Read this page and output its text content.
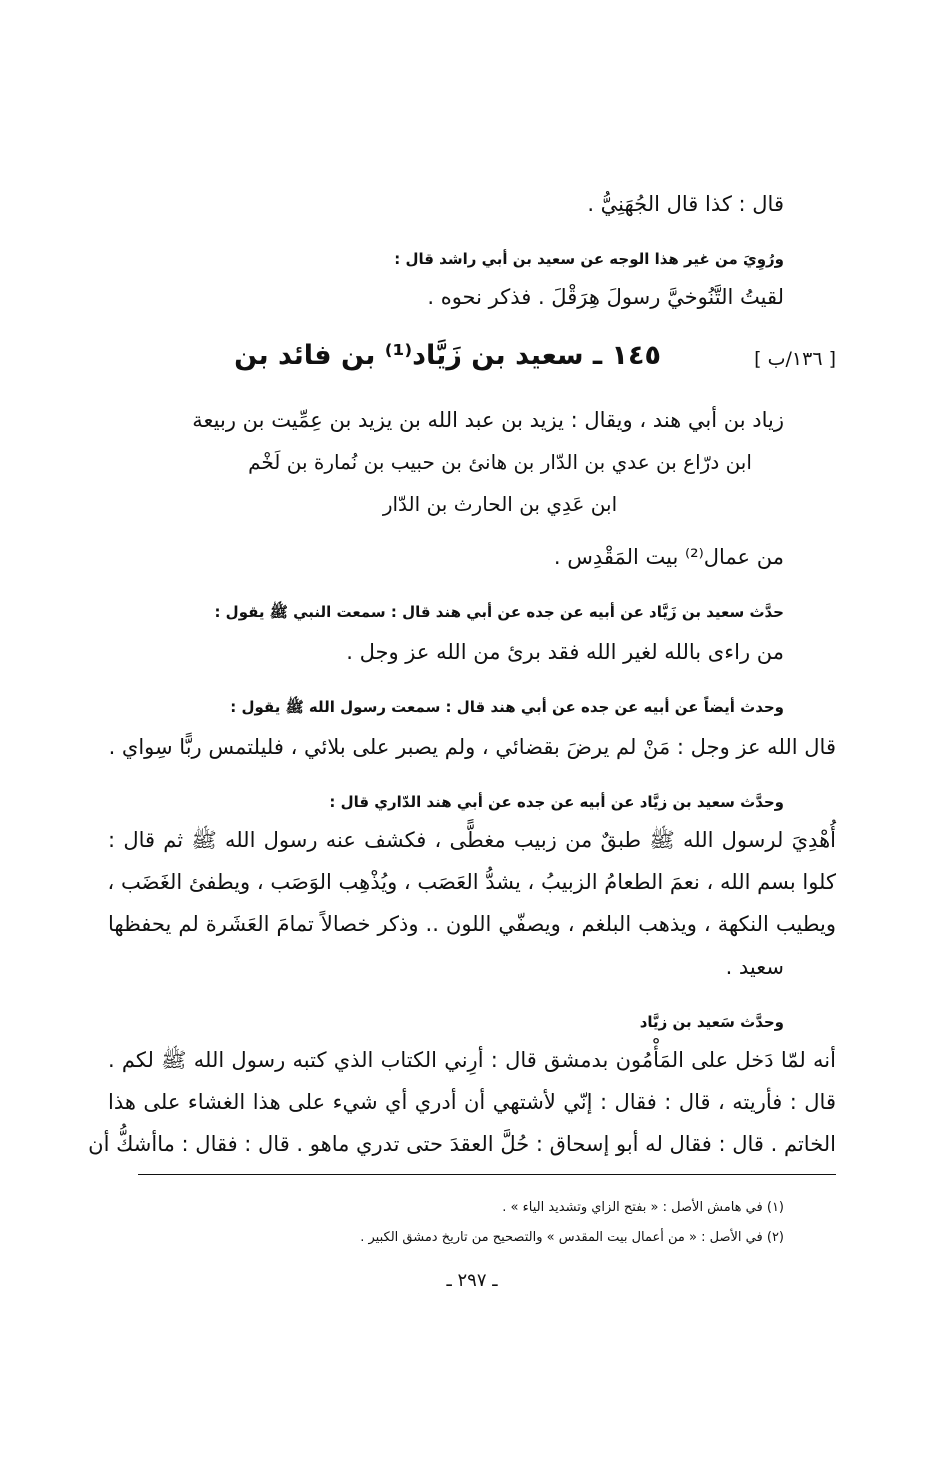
قال : كذا قال الجُهَنِيُّ .
ورُوِيَ من غير هذا الوجه عن سعيد بن أبي راشد قال :
لقيتُ التَّنُوخيَّ رسولَ هِرَقْلَ . فذكر نحوه .
[ ١٣٦/ب ]
١٤٥ ـ سعيد بن زَيَّاد⁽¹⁾ بن فائد بن
زياد بن أبي هند ، ويقال : يزيد بن عبد الله بن يزيد بن عِمِّيت بن ربيعة
ابن درّاع بن عدي بن الدّار بن هانئ بن حبيب بن نُمارة بن لَخْم
ابن عَدِي بن الحارث بن الدّار
من عمال⁽²⁾ بيت المَقْدِس .
حدَّث سعيد بن زَيَّاد عن أبيه عن جده عن أبي هند قال : سمعت النبي ﷺ يقول :
من راءى بالله لغير الله فقد برئ من الله عز وجل .
وحدث أيضاً عن أبيه عن جده عن أبي هند قال : سمعت رسول الله ﷺ يقول :
قال الله عز وجل : مَنْ لم يرضَ بقضائي ، ولم يصبر على بلائي ، فليلتمس ربًّا سِواي .
وحدَّث سعيد بن زيَّاد عن أبيه عن جده عن أبي هند الدّاري قال :
أُهْدِيَ لرسول الله ﷺ طبقٌ من زبيب مغطًّى ، فكشف عنه رسول الله ﷺ ثم قال :
كلوا بسم الله ، نعمَ الطعامُ الزبيبُ ، يشدُّ العَصَب ، ويُذْهِب الوَصَب ، ويطفئ الغَضَب ،
ويطيب النكهة ، ويذهب البلغم ، ويصفّي اللون .. وذكر خصالاً تمامَ العَشَرة لم يحفظها
سعيد .
وحدَّث سَعيد بن زيَّاد
أنه لمّا دَخل على المَأْمُون بدمشق قال : أرِني الكتاب الذي كتبه رسول الله ﷺ لكم .
قال : فأريته ، قال : فقال : إنّي لأشتهي أن أدري أي شيء على هذا الغشاء على هذا
الخاتم . قال : فقال له أبو إسحاق : حُلَّ العقدَ حتى تدري ماهو . قال : فقال : ماأشكُّ أن
(١) في هامش الأصل : « بفتح الزاي وتشديد الياء » .
(٢) في الأصل : « من أعمال بيت المقدس » والتصحيح من تاريخ دمشق الكبير .
ـ ٢٩٧ ـ
